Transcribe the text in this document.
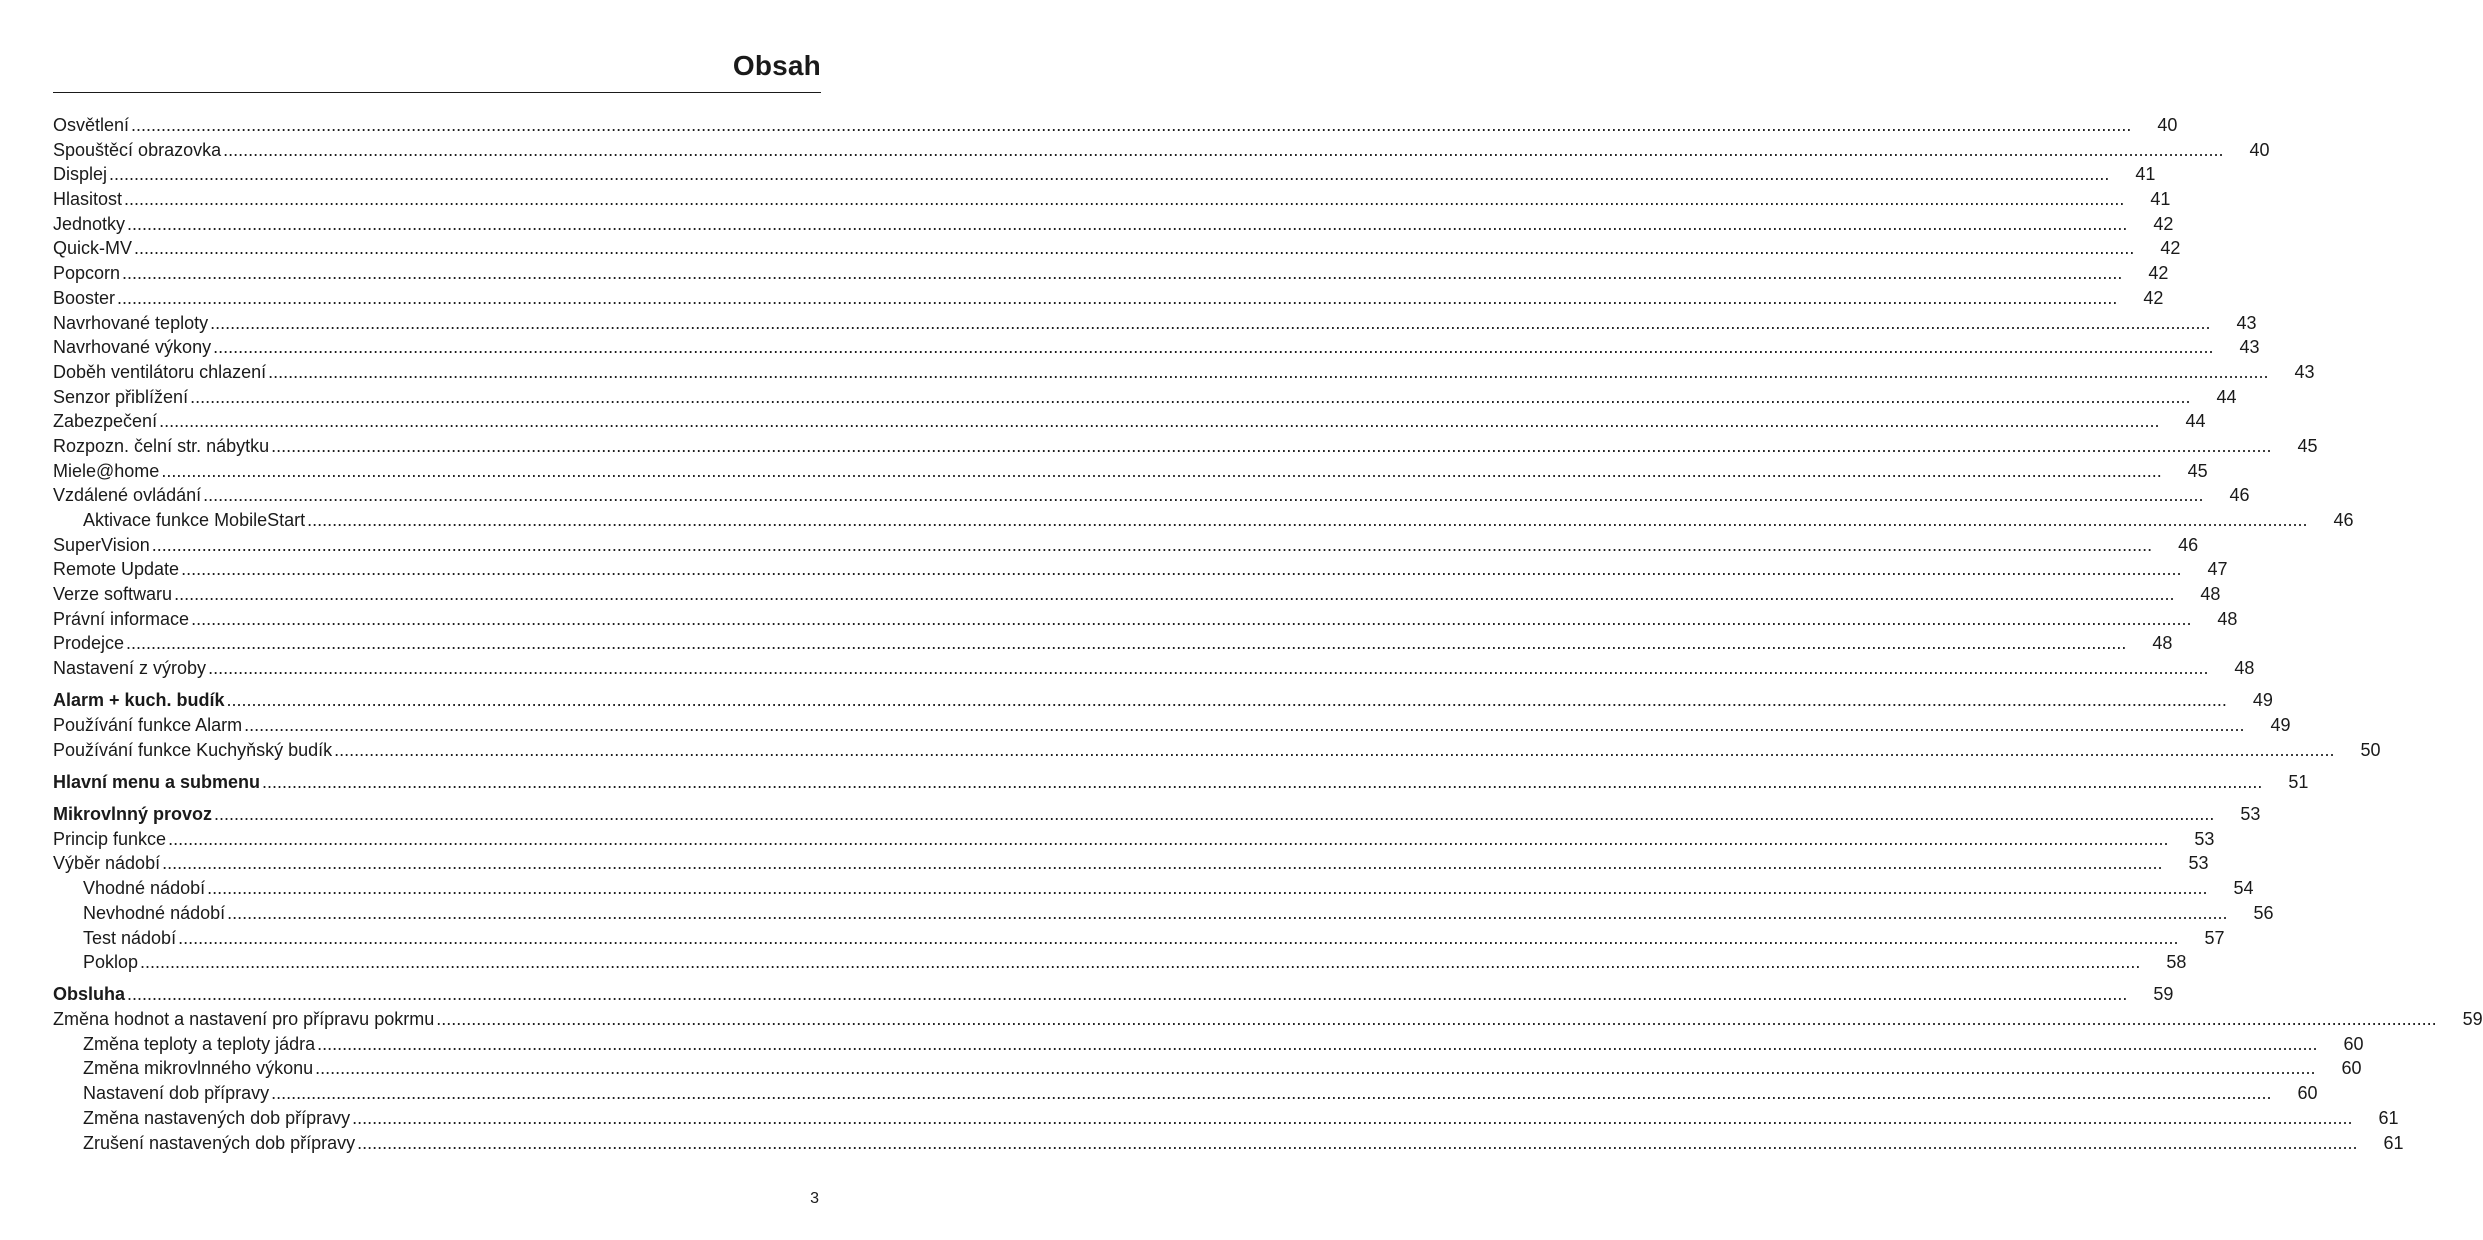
Obsah
Osvětlení ................................................................................................................................................................................................................................................................................................................................................................................................................	40
Spouštěcí obrazovka ................................................................................................................................................................................................................................................................................................................................................................................................................	40
Displej ................................................................................................................................................................................................................................................................................................................................................................................................................	41
Hlasitost ................................................................................................................................................................................................................................................................................................................................................................................................................	41
Jednotky ................................................................................................................................................................................................................................................................................................................................................................................................................	42
Quick-MV ................................................................................................................................................................................................................................................................................................................................................................................................................	42
Popcorn ................................................................................................................................................................................................................................................................................................................................................................................................................	42
Booster ................................................................................................................................................................................................................................................................................................................................................................................................................	42
Navrhované teploty ................................................................................................................................................................................................................................................................................................................................................................................................................	43
Navrhované výkony ................................................................................................................................................................................................................................................................................................................................................................................................................	43
Doběh ventilátoru chlazení ................................................................................................................................................................................................................................................................................................................................................................................................................	43
Senzor přiblížení ................................................................................................................................................................................................................................................................................................................................................................................................................	44
Zabezpečení ................................................................................................................................................................................................................................................................................................................................................................................................................	44
Rozpozn. čelní str. nábytku ................................................................................................................................................................................................................................................................................................................................................................................................................	45
Miele@home ................................................................................................................................................................................................................................................................................................................................................................................................................	45
Vzdálené ovládání ................................................................................................................................................................................................................................................................................................................................................................................................................	46
Aktivace funkce MobileStart ................................................................................................................................................................................................................................................................................................................................................................................................................	46
SuperVision ................................................................................................................................................................................................................................................................................................................................................................................................................	46
Remote Update ................................................................................................................................................................................................................................................................................................................................................................................................................	47
Verze softwaru ................................................................................................................................................................................................................................................................................................................................................................................................................	48
Právní informace ................................................................................................................................................................................................................................................................................................................................................................................................................	48
Prodejce ................................................................................................................................................................................................................................................................................................................................................................................................................	48
Nastavení z výroby ................................................................................................................................................................................................................................................................................................................................................................................................................	48
Alarm + kuch. budík ................................................................................................................................................................................................................................................................................................................................................................................................................	49
Používání funkce Alarm ................................................................................................................................................................................................................................................................................................................................................................................................................	49
Používání funkce Kuchyňský budík ................................................................................................................................................................................................................................................................................................................................................................................................................	50
Hlavní menu a submenu ................................................................................................................................................................................................................................................................................................................................................................................................................	51
Mikrovlnný provoz ................................................................................................................................................................................................................................................................................................................................................................................................................	53
Princip funkce ................................................................................................................................................................................................................................................................................................................................................................................................................	53
Výběr nádobí ................................................................................................................................................................................................................................................................................................................................................................................................................	53
Vhodné nádobí ................................................................................................................................................................................................................................................................................................................................................................................................................	54
Nevhodné nádobí ................................................................................................................................................................................................................................................................................................................................................................................................................	56
Test nádobí ................................................................................................................................................................................................................................................................................................................................................................................................................	57
Poklop ................................................................................................................................................................................................................................................................................................................................................................................................................	58
Obsluha ................................................................................................................................................................................................................................................................................................................................................................................................................	59
Změna hodnot a nastavení pro přípravu pokrmu ................................................................................................................................................................................................................................................................................................................................................................................................................	59
Změna teploty a teploty jádra ................................................................................................................................................................................................................................................................................................................................................................................................................	60
Změna mikrovlnného výkonu ................................................................................................................................................................................................................................................................................................................................................................................................................	60
Nastavení dob přípravy ................................................................................................................................................................................................................................................................................................................................................................................................................	60
Změna nastavených dob přípravy ................................................................................................................................................................................................................................................................................................................................................................................................................	61
Zrušení nastavených dob přípravy ................................................................................................................................................................................................................................................................................................................................................................................................................	61

3
